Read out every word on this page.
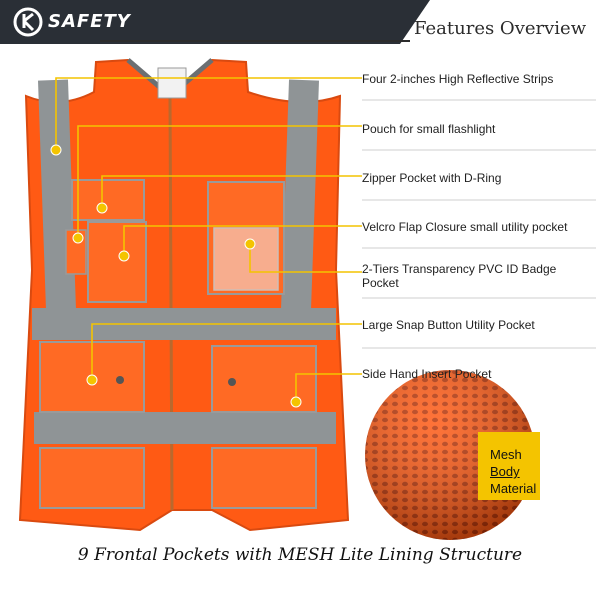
SAFETY	Features Overview
Four 2-inches High Reflective Strips
Pouch for small flashlight
Zipper Pocket with D-Ring
Velcro Flap Closure small utility pocket
2-Tiers Transparency PVC ID Badge Pocket
Large Snap Button Utility Pocket
Side Hand Insert Pocket
Mesh
Body
Material
9 Frontal Pockets with MESH Lite Lining Structure
